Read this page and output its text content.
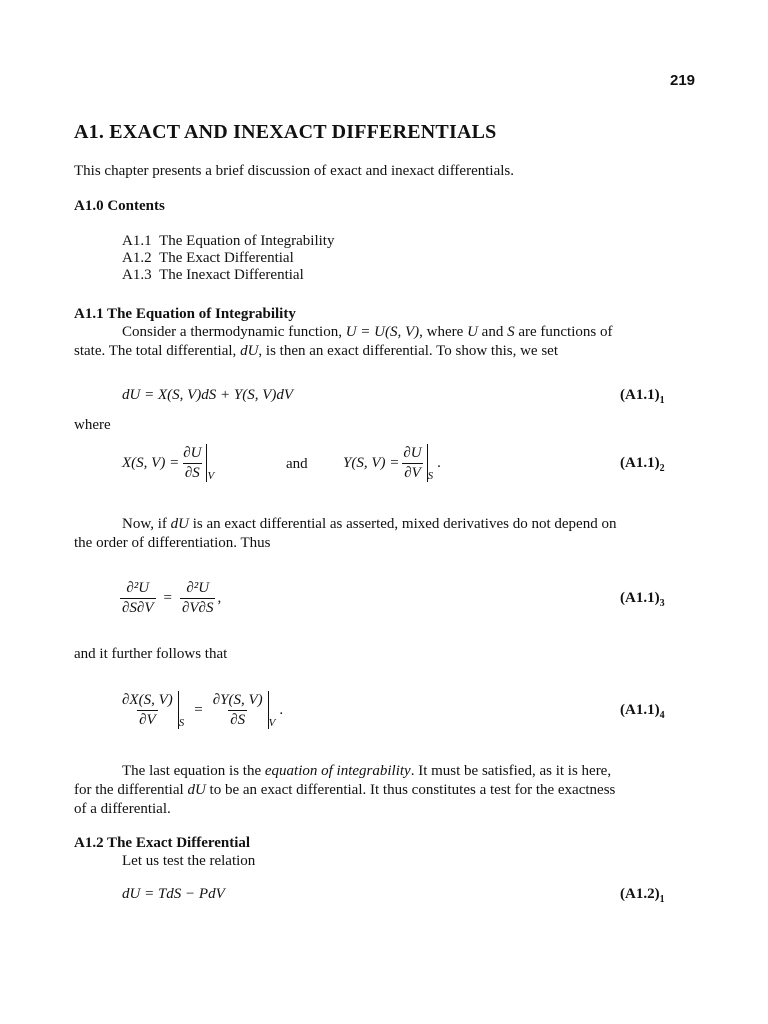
219
A1. EXACT AND INEXACT DIFFERENTIALS
This chapter presents a brief discussion of exact and inexact differentials.
A1.0 Contents
A1.1 The Equation of Integrability
A1.2 The Exact Differential
A1.3 The Inexact Differential
A1.1 The Equation of Integrability
Consider a thermodynamic function, U = U(S, V), where U and S are functions of
state. The total differential, dU, is then an exact differential. To show this, we set
dU = X(S, V)dS + Y(S, V)dV	$(A1.1)_1$
where
X(S, $V) = \frac{\partial U}{\partial S}$ V
and Y(S, $V) = \frac{\partial U}{\partial V}$ S
.	$(A1.1)_2$
Now, if dU is an exact differential as asserted, mixed derivatives do not depend on
the order of differentiation. Thus
$\frac{\text{∂²U}}{\partial S\partial V} = \frac{\text{∂²U}}{\partial V\partial S}$ ,	$(A1.1)_3$
and it further follows that
$\frac{\partial X(S, V)}{\partial V}$ S
= $\frac{\partial Y(S, V)}{\partial S}$ V
.	$(A1.1)_4$
The last equation is the equation of integrability. It must be satisfied, as it is here,
for the differential dU to be an exact differential. It thus constitutes a test for the exactness
of a differential.
A1.2 The Exact Differential
Let us test the relation
dU = TdS − PdV	$(A1.2)_1$
